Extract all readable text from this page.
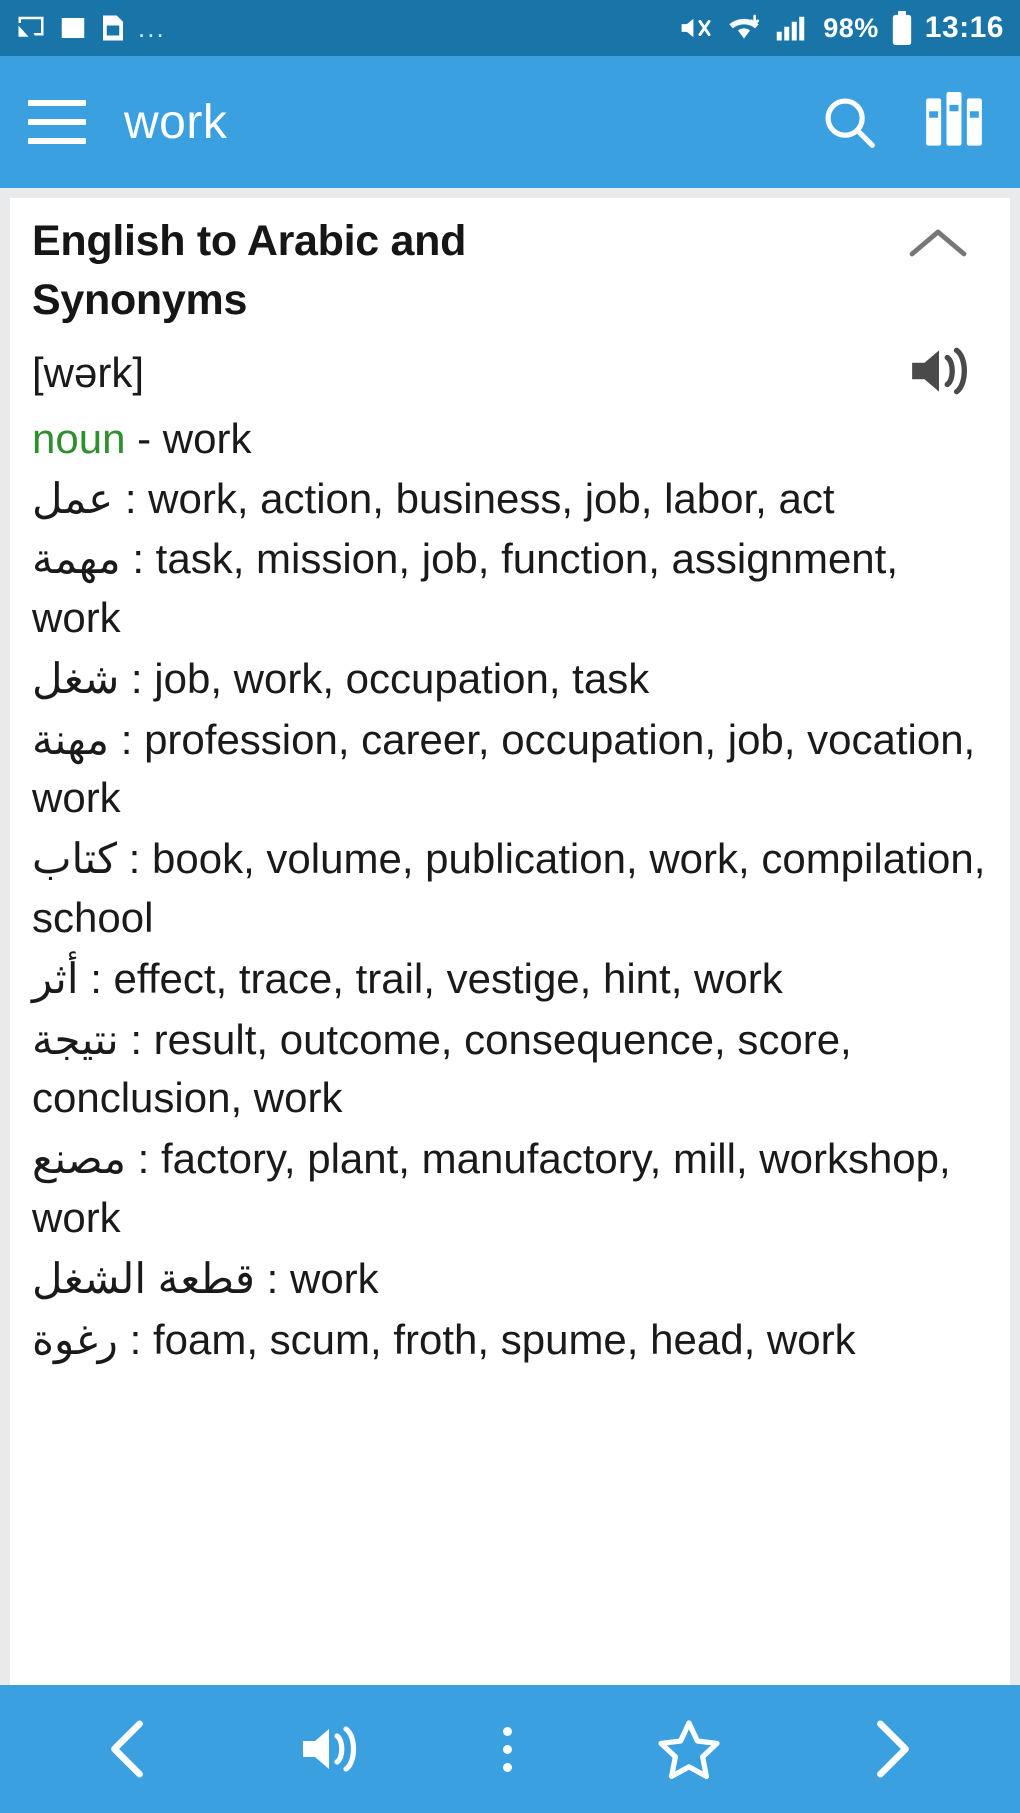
...	98% 13:16
work
English to Arabic and Synonyms
[wərk]
noun - work
عمل : work, action, business, job, labor, act
مهمة : task, mission, job, function, assignment, work
شغل : job, work, occupation, task
مهنة : profession, career, occupation, job, vocation, work
كتاب : book, volume, publication, work, compilation, school
أثر : effect, trace, trail, vestige, hint, work
نتيجة : result, outcome, consequence, score, conclusion, work
مصنع : factory, plant, manufactory, mill, workshop, work
قطعة الشغل : work
رغوة : foam, scum, froth, spume, head, work
